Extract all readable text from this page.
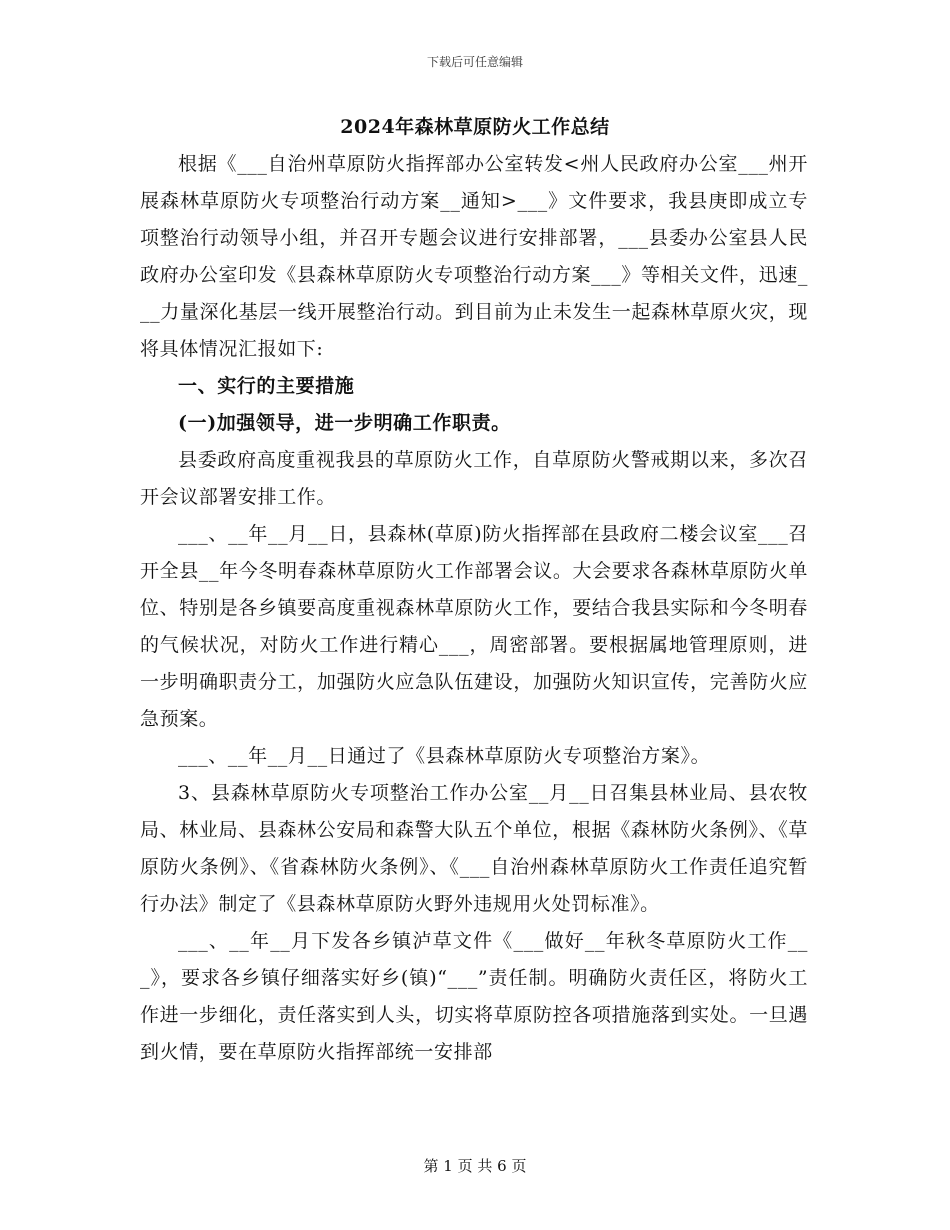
下载后可任意编辑
2024年森林草原防火工作总结

根据《___自治州草原防火指挥部办公室转发<州人民政府办公室___州开展森林草原防火专项整治行动方案__通知>___》文件要求，我县庚即成立专项整治行动领导小组，并召开专题会议进行安排部署，___县委办公室县人民政府办公室印发《县森林草原防火专项整治行动方案___》等相关文件，迅速___力量深化基层一线开展整治行动。到目前为止未发生一起森林草原火灾，现将具体情况汇报如下:

一、实行的主要措施

(一)加强领导，进一步明确工作职责。

县委政府高度重视我县的草原防火工作，自草原防火警戒期以来，多次召开会议部署安排工作。

___、__年__月__日，县森林(草原)防火指挥部在县政府二楼会议室___召开全县__年今冬明春森林草原防火工作部署会议。大会要求各森林草原防火单位、特别是各乡镇要高度重视森林草原防火工作，要结合我县实际和今冬明春的气候状况，对防火工作进行精心___，周密部署。要根据属地管理原则，进一步明确职责分工，加强防火应急队伍建设，加强防火知识宣传，完善防火应急预案。

___、__年__月__日通过了《县森林草原防火专项整治方案》。

3、县森林草原防火专项整治工作办公室__月__日召集县林业局、县农牧局、林业局、县森林公安局和森警大队五个单位，根据《森林防火条例》、《草原防火条例》、《省森林防火条例》、《___自治州森林草原防火工作责任追究暂行办法》制定了《县森林草原防火野外违规用火处罚标准》。

___、__年__月下发各乡镇泸草文件《___做好__年秋冬草原防火工作___》，要求各乡镇仔细落实好乡(镇)“___”责任制。明确防火责任区，将防火工作进一步细化，责任落实到人头，切实将草原防控各项措施落到实处。一旦遇到火情，要在草原防火指挥部统一安排部

第 1 页 共 6 页
